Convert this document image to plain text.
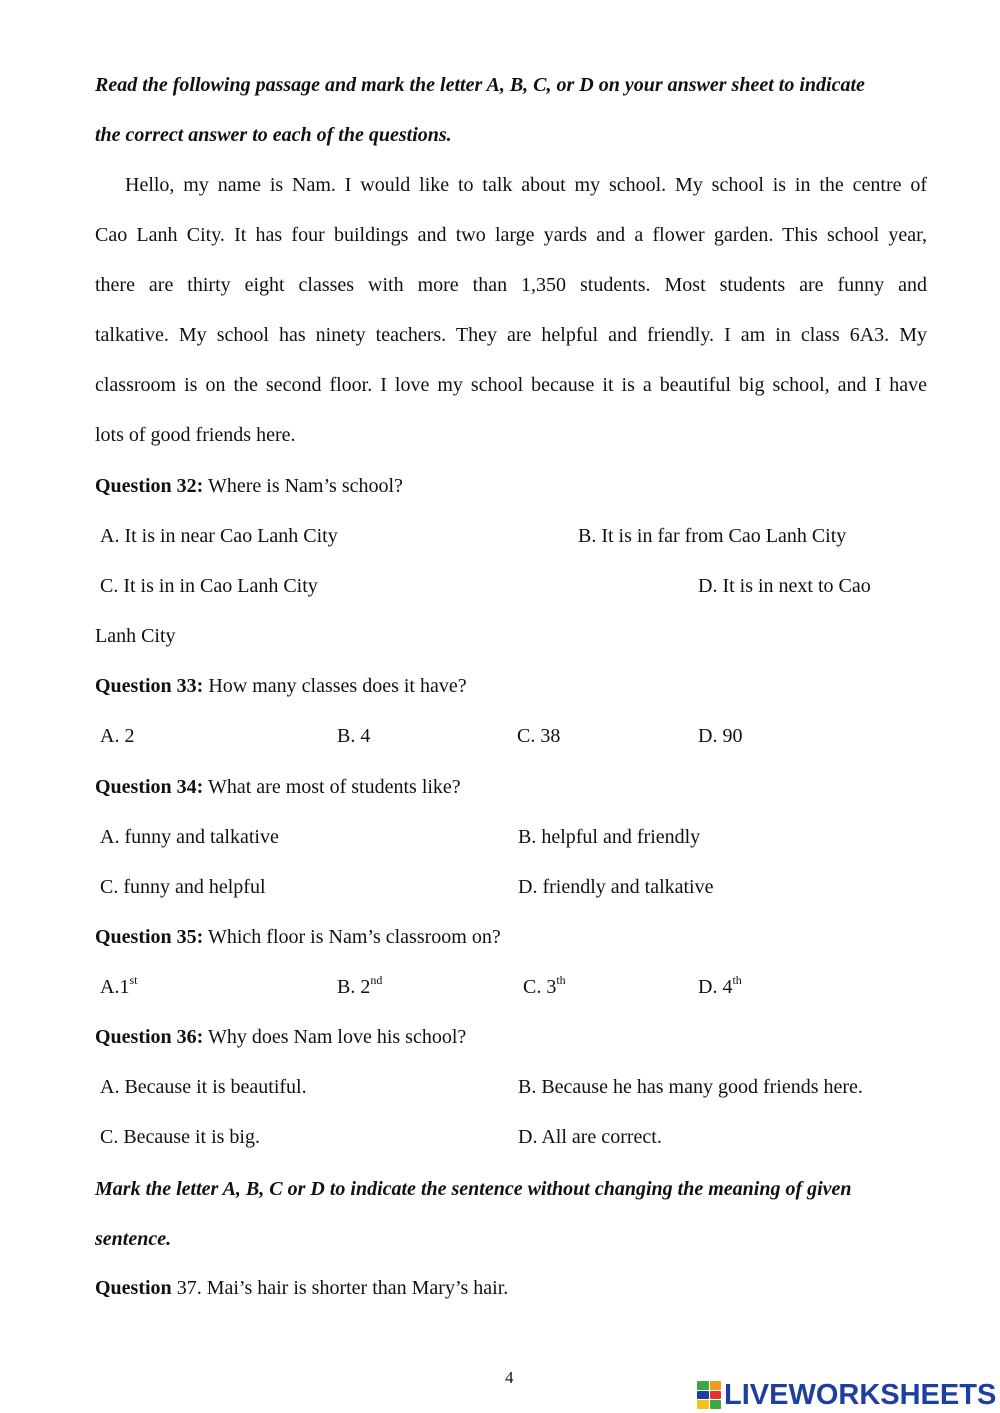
Read the following passage and mark the letter A, B, C, or D on your answer sheet to indicate
the correct answer to each of the questions.
Hello, my name is Nam. I would like to talk about my school. My school is in the centre of
Cao Lanh City. It has four buildings and two large yards and a flower garden. This school year,
there are thirty eight classes with more than 1,350 students. Most students are funny and
talkative. My school has ninety teachers. They are helpful and friendly. I am in class 6A3. My
classroom is on the second floor. I love my school because it is a beautiful big school, and I have
lots of good friends here.
Question 32: Where is Nam’s school?
A. It is in near Cao Lanh City	B. It is in far from Cao Lanh City
C. It is in in Cao Lanh City	D. It is in next to Cao
Lanh City
Question 33: How many classes does it have?
A. 2	B. 4	C. 38	D. 90
Question 34: What are most of students like?
A. funny and talkative	B. helpful and friendly
C. funny and helpful	D. friendly and talkative
Question 35: Which floor is Nam’s classroom on?
A.1st	B. 2nd	C. 3th	D. 4th
Question 36: Why does Nam love his school?
A. Because it is beautiful.	B. Because he has many good friends here.
C. Because it is big.	D. All are correct.
Mark the letter A, B, C or D to indicate the sentence without changing the meaning of given
sentence.
Question 37. Mai’s hair is shorter than Mary’s hair.
4
LIVEWORKSHEETS
